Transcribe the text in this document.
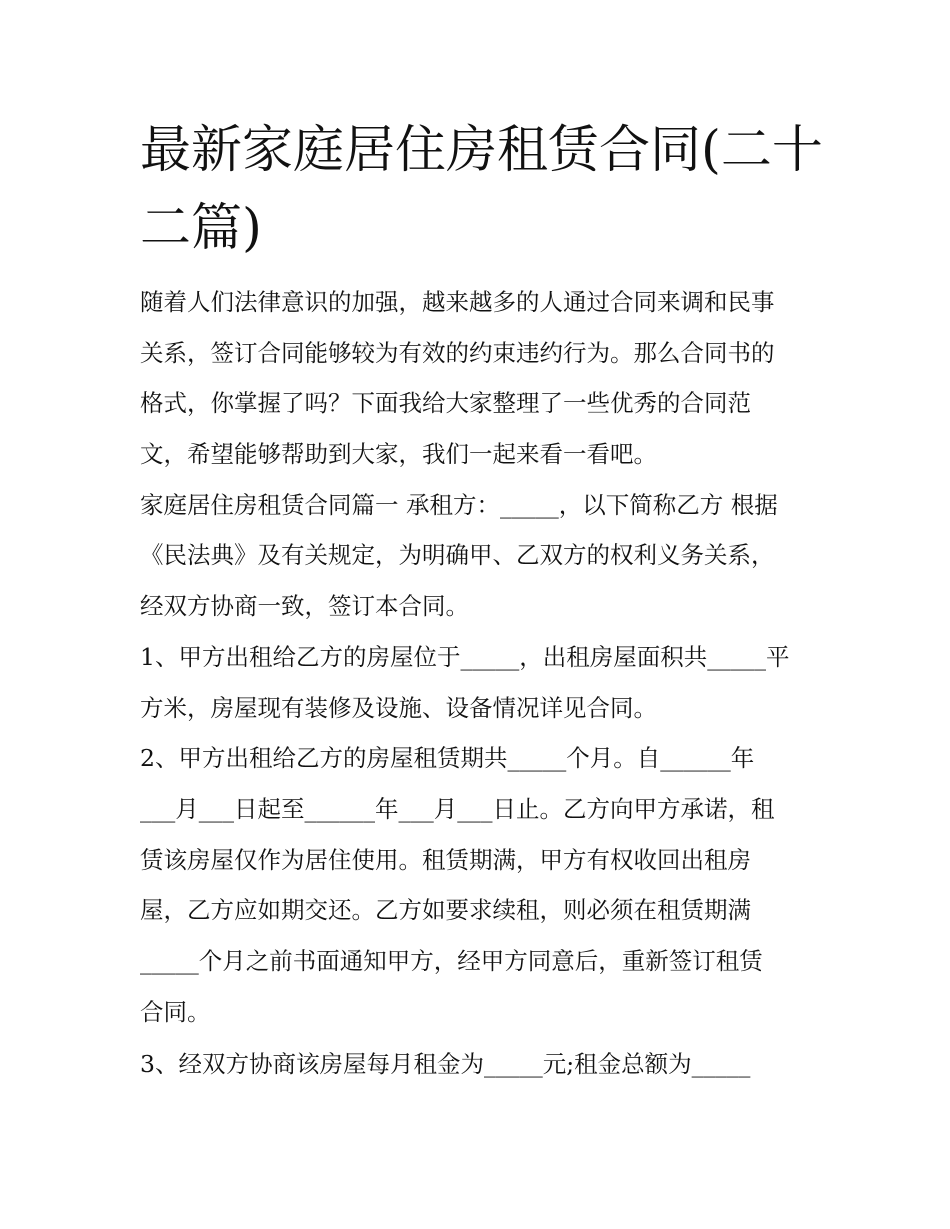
最新家庭居住房租赁合同(二十
二篇)
随着人们法律意识的加强，越来越多的人通过合同来调和民事
关系，签订合同能够较为有效的约束违约行为。那么合同书的
格式，你掌握了吗？下面我给大家整理了一些优秀的合同范
文，希望能够帮助到大家，我们一起来看一看吧。
家庭居住房租赁合同篇一 承租方：_____，以下简称乙方 根据
《民法典》及有关规定，为明确甲、乙双方的权利义务关系，
经双方协商一致，签订本合同。
1、甲方出租给乙方的房屋位于_____，出租房屋面积共_____平
方米，房屋现有装修及设施、设备情况详见合同。
2、甲方出租给乙方的房屋租赁期共_____个月。自______年
___月___日起至______年___月___日止。乙方向甲方承诺，租
赁该房屋仅作为居住使用。租赁期满，甲方有权收回出租房
屋，乙方应如期交还。乙方如要求续租，则必须在租赁期满
_____个月之前书面通知甲方，经甲方同意后，重新签订租赁
合同。
3、经双方协商该房屋每月租金为_____元;租金总额为_____
